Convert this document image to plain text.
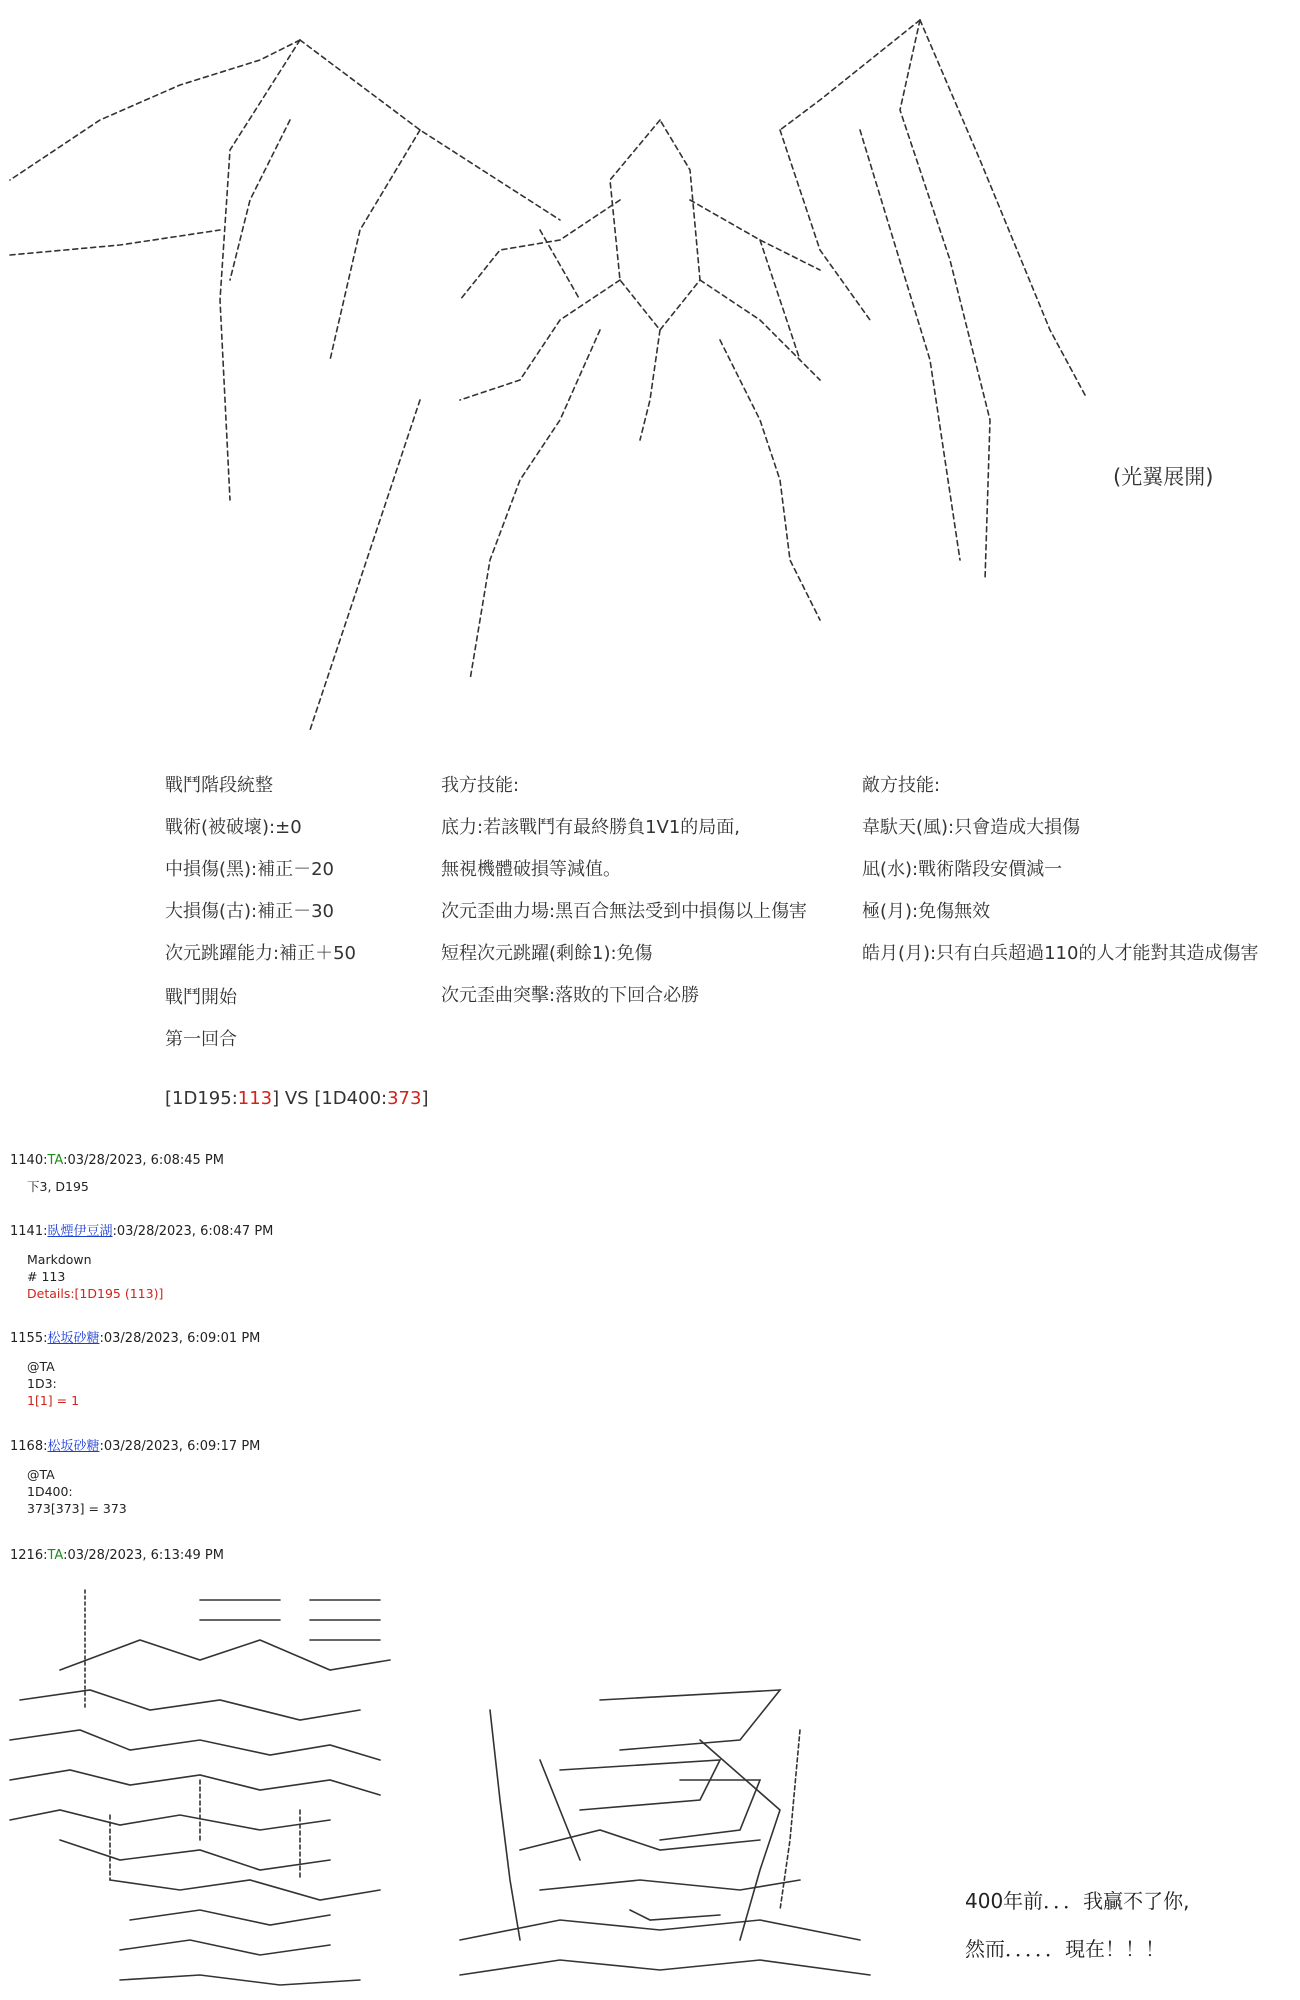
(光翼展開)
戰鬥階段統整
戰術(被破壞):±0
中損傷(黑):補正－20
大損傷(古):補正－30
次元跳躍能力:補正＋50
戰鬥開始
第一回合
[1D195:113] VS [1D400:373]
我方技能:
底力:若該戰鬥有最終勝負1V1的局面,
無視機體破損等減值。
次元歪曲力場:黑百合無法受到中損傷以上傷害
短程次元跳躍(剩餘1):免傷
次元歪曲突擊:落敗的下回合必勝
敵方技能:
韋馱天(風):只會造成大損傷
凪(水):戰術階段安價減一
極(月):免傷無效
皓月(月):只有白兵超過110的人才能對其造成傷害
1140:TA:03/28/2023, 6:08:45 PM
下3, D195
1141:臥煙伊豆湖:03/28/2023, 6:08:47 PM
Markdown
# 113
Details:[1D195 (113)]
1155:松坂砂糖:03/28/2023, 6:09:01 PM
@TA
1D3:
1[1] = 1
1168:松坂砂糖:03/28/2023, 6:09:17 PM
@TA
1D400:
373[373] = 373
1216:TA:03/28/2023, 6:13:49 PM
400年前．．．我贏不了你,
然而．．．．．現在！！！
